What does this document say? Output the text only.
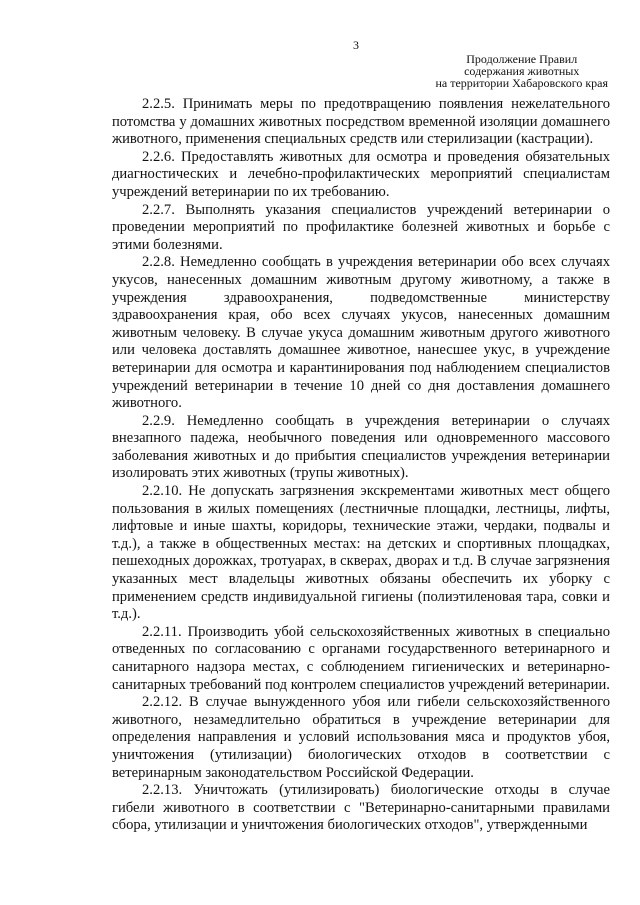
3
Продолжение Правил
содержания животных
на территории Хабаровского края

2.2.5. Принимать меры по предотвращению появления нежелательного потомства у домашних животных посредством временной изоляции домашнего животного, применения специальных средств или стерилизации (кастрации).

2.2.6. Предоставлять животных для осмотра и проведения обязательных диагностических и лечебно-профилактических мероприятий специалистам учреждений ветеринарии по их требованию.

2.2.7. Выполнять указания специалистов учреждений ветеринарии о проведении мероприятий по профилактике болезней животных и борьбе с этими болезнями.

2.2.8. Немедленно сообщать в учреждения ветеринарии обо всех случаях укусов, нанесенных домашним животным другому животному, а также в учреждения здравоохранения, подведомственные министерству здравоохранения края, обо всех случаях укусов, нанесенных домашним животным человеку. В случае укуса домашним животным другого животного или человека доставлять домашнее животное, нанесшее укус, в учреждение ветеринарии для осмотра и карантинирования под наблюдением специалистов учреждений ветеринарии в течение 10 дней со дня доставления домашнего животного.

2.2.9. Немедленно сообщать в учреждения ветеринарии о случаях внезапного падежа, необычного поведения или одновременного массового заболевания животных и до прибытия специалистов учреждения ветеринарии изолировать этих животных (трупы животных).

2.2.10. Не допускать загрязнения экскрементами животных мест общего пользования в жилых помещениях (лестничные площадки, лестницы, лифты, лифтовые и иные шахты, коридоры, технические этажи, чердаки, подвалы и т.д.), а также в общественных местах: на детских и спортивных площадках, пешеходных дорожках, тротуарах, в скверах, дворах и т.д. В случае загрязнения указанных мест владельцы животных обязаны обеспечить их уборку с применением средств индивидуальной гигиены (полиэтиленовая тара, совки и т.д.).

2.2.11. Производить убой сельскохозяйственных животных в специально отведенных по согласованию с органами государственного ветеринарного и санитарного надзора местах, с соблюдением гигиенических и ветеринарно-санитарных требований под контролем специалистов учреждений ветеринарии.

2.2.12. В случае вынужденного убоя или гибели сельскохозяйственного животного, незамедлительно обратиться в учреждение ветеринарии для определения направления и условий использования мяса и продуктов убоя, уничтожения (утилизации) биологических отходов в соответствии с ветеринарным законодательством Российской Федерации.

2.2.13. Уничтожать (утилизировать) биологические отходы в случае гибели животного в соответствии с "Ветеринарно-санитарными правилами сбора, утилизации и уничтожения биологических отходов", утвержденными
